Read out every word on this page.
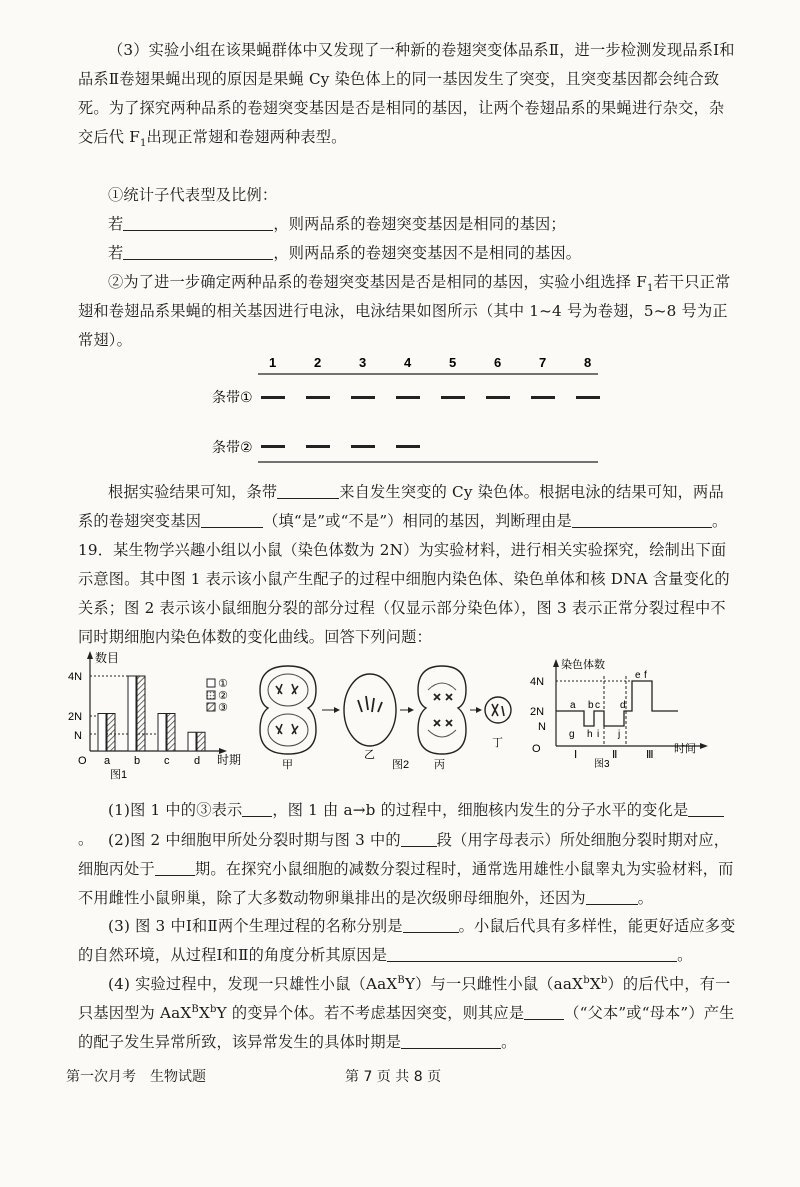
（3）实验小组在该果蝇群体中又发现了一种新的卷翅突变体品系Ⅱ，进一步检测发现品系Ⅰ和品系Ⅱ卷翅果蝇出现的原因是果蝇 Cy 染色体上的同一基因发生了突变，且突变基因都会纯合致死。为了探究两种品系的卷翅突变基因是否是相同的基因，让两个卷翅品系的果蝇进行杂交，杂交后代 $F_1$出现正常翅和卷翅两种表型。
①统计子代表型及比例：
若	，则两品系的卷翅突变基因是相同的基因；
若	，则两品系的卷翅突变基因不是相同的基因。
②为了进一步确定两种品系的卷翅突变基因是否是相同的基因，实验小组选择 $F_1$若干只正常翅和卷翅品系果蝇的相关基因进行电泳，电泳结果如图所示（其中 1~4 号为卷翅，5~8 号为正常翅）。
1	2	3	4	5	6	7	8
条带①
条带②
根据实验结果可知，条带	来自发生突变的 Cy 染色体。根据电泳的结果可知，两品系的卷翅突变基因	（填“是”或“不是”）相同的基因，判断理由是	。
19．某生物学兴趣小组以小鼠（染色体数为 2N）为实验材料，进行相关实验探究，绘制出下面示意图。其中图 1 表示该小鼠产生配子的过程中细胞内染色体、染色单体和核 DNA 含量变化的关系；图 2 表示该小鼠细胞分裂的部分过程（仅显示部分染色体），图 3 表示正常分裂过程中不同时期细胞内染色体数的变化曲线。回答下列问题：
数目
4N
2N
N
O a b c d 时期
①
②
③
图1
甲
乙
丙
丁
图2
染色体数
4N
2N
N
O
a b c d
e f
g h i j
Ⅰ	Ⅱ	Ⅲ 时间
图3
(1)图 1 中的③表示 ，图 1 由 a→b 的过程中，细胞核内发生的分子水平的变化是。 (2)图 2 中细胞甲所处分裂时期与图 3 中的 段（用字母表示）所处细胞分裂时期对应，细胞丙处于	期。在探究小鼠细胞的减数分裂过程时，通常选用雄性小鼠睾丸为实验材料，而不用雌性小鼠卵巢，除了大多数动物卵巢排出的是次级卵母细胞外，还因为	。
(3) 图 3 中Ⅰ和Ⅱ两个生理过程的名称分别是	。小鼠后代具有多样性，能更好适应多变的自然环境，从过程Ⅰ和Ⅱ的角度分析其原因是	。
(4) 实验过程中，发现一只雄性小鼠（AaX$^B$Y）与一只雌性小鼠$(aaX^bX^b)$的后代中，有一只基因型为 $AaX^BX^bY$ 的变异个体。若不考虑基因突变，则其应是	（“父本”或“母本”）产生的配子发生异常所致，该异常发生的具体时期是	。
第一次月考　生物试题	第 7 页 共 8 页
